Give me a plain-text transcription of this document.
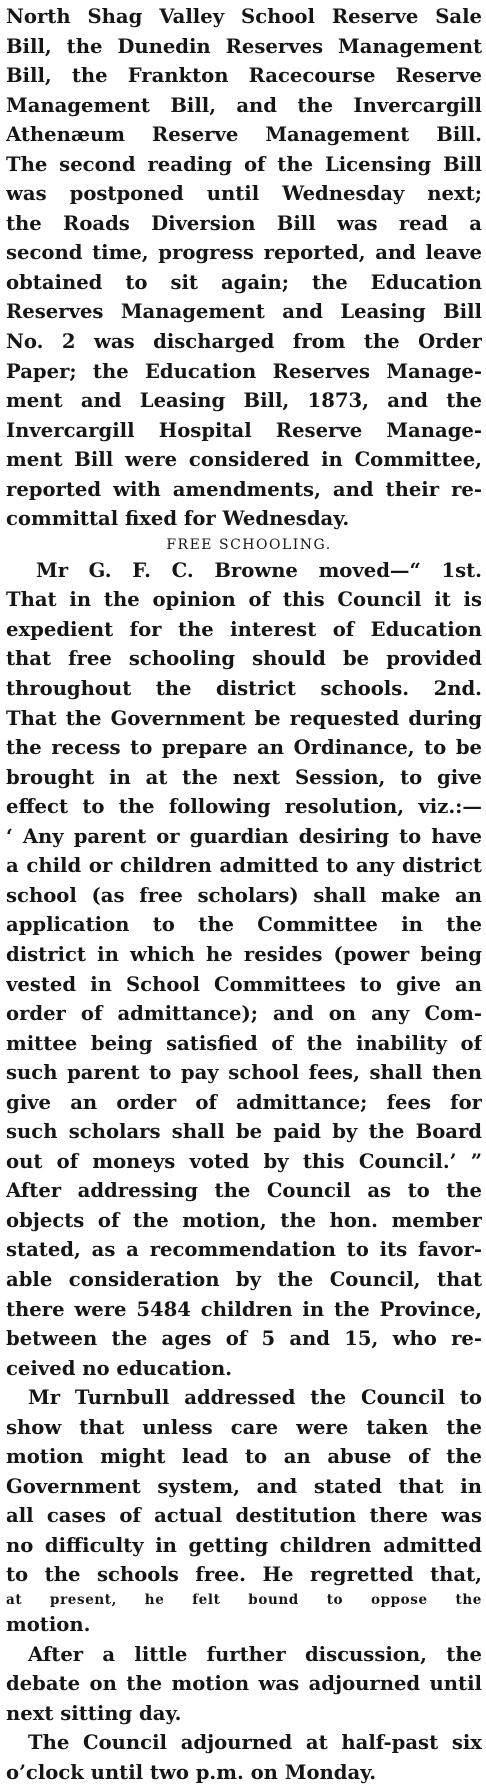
North Shag Valley School Reserve Sale
Bill, the Dunedin Reserves Management
Bill, the Frankton Racecourse Reserve
Management Bill, and the Invercargill
Athenæum Reserve Management Bill.
The second reading of the Licensing Bill
was postponed until Wednesday next;
the Roads Diversion Bill was read a
second time, progress reported, and leave
obtained to sit again; the Education
Reserves Management and Leasing Bill
No. 2 was discharged from the Order
Paper; the Education Reserves Manage-
ment and Leasing Bill, 1873, and the
Invercargill Hospital Reserve Manage-
ment Bill were considered in Committee,
reported with amendments, and their re-
committal fixed for Wednesday.
FREE SCHOOLING.
Mr G. F. C. Browne moved—“ 1st.
That in the opinion of this Council it is
expedient for the interest of Education
that free schooling should be provided
throughout the district schools. 2nd.
That the Government be requested during
the recess to prepare an Ordinance, to be
brought in at the next Session, to give
effect to the following resolution, viz.:—
‘ Any parent or guardian desiring to have
a child or children admitted to any district
school (as free scholars) shall make an
application to the Committee in the
district in which he resides (power being
vested in School Committees to give an
order of admittance); and on any Com-
mittee being satisfied of the inability of
such parent to pay school fees, shall then
give an order of admittance; fees for
such scholars shall be paid by the Board
out of moneys voted by this Council.’ ”
After addressing the Council as to the
objects of the motion, the hon. member
stated, as a recommendation to its favor-
able consideration by the Council, that
there were 5484 children in the Province,
between the ages of 5 and 15, who re-
ceived no education.
Mr Turnbull addressed the Council to
show that unless care were taken the
motion might lead to an abuse of the
Government system, and stated that in
all cases of actual destitution there was
no difficulty in getting children admitted
to the schools free. He regretted that,
at present, he felt bound to oppose the
motion.
After a little further discussion, the
debate on the motion was adjourned until
next sitting day.
The Council adjourned at half-past six
o’clock until two p.m. on Monday.
